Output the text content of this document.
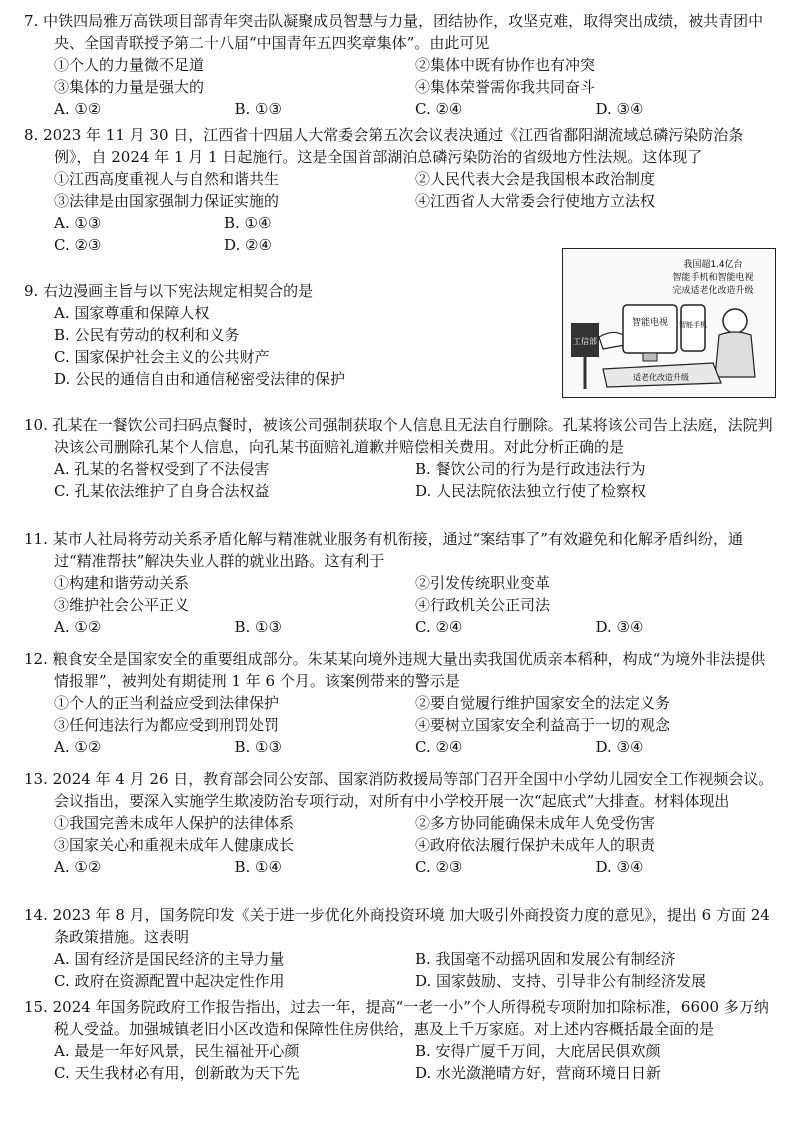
7. 中铁四局雅万高铁项目部青年突击队凝聚成员智慧与力量，团结协作，攻坚克难，取得突出成绩，被共青团中央、全国青联授予第二十八届“中国青年五四奖章集体”。由此可见

①个人的力量微不足道	②集体中既有协作也有冲突
③集体的力量是强大的	④集体荣誉需你我共同奋斗
A. ①②	B. ①③	C. ②④	D. ③④

8. 2023 年 11 月 30 日，江西省十四届人大常委会第五次会议表决通过《江西省鄱阳湖流域总磷污染防治条例》，自 2024 年 1 月 1 日起施行。这是全国首部湖泊总磷污染防治的省级地方性法规。这体现了

①江西高度重视人与自然和谐共生	②人民代表大会是我国根本政治制度
③法律是由国家强制力保证实施的	④江西省人大常委会行使地方立法权
A. ①③	B. ①④
C. ②③	D. ②④
我国超1.4亿台
智能手机和智能电视
完成适老化改造升级
工信部
智能电视 智能手机
适老化改造升级

9. 右边漫画主旨与以下宪法规定相契合的是

A. 国家尊重和保障人权
B. 公民有劳动的权利和义务
C. 国家保护社会主义的公共财产
D. 公民的通信自由和通信秘密受法律的保护

10. 孔某在一餐饮公司扫码点餐时，被该公司强制获取个人信息且无法自行删除。孔某将该公司告上法庭，法院判决该公司删除孔某个人信息，向孔某书面赔礼道歉并赔偿相关费用。对此分析正确的是

A. 孔某的名誉权受到了不法侵害	B. 餐饮公司的行为是行政违法行为
C. 孔某依法维护了自身合法权益	D. 人民法院依法独立行使了检察权

11. 某市人社局将劳动关系矛盾化解与精准就业服务有机衔接，通过“案结事了”有效避免和化解矛盾纠纷，通过“精准帮扶”解决失业人群的就业出路。这有利于

①构建和谐劳动关系	②引发传统职业变革
③维护社会公平正义	④行政机关公正司法
A. ①②	B. ①③	C. ②④	D. ③④

12. 粮食安全是国家安全的重要组成部分。朱某某向境外违规大量出卖我国优质亲本稻种，构成“为境外非法提供情报罪”，被判处有期徒刑 1 年 6 个月。该案例带来的警示是

①个人的正当利益应受到法律保护	②要自觉履行维护国家安全的法定义务
③任何违法行为都应受到刑罚处罚	④要树立国家安全利益高于一切的观念
A. ①②	B. ①③	C. ②④	D. ③④

13. 2024 年 4 月 26 日，教育部会同公安部、国家消防救援局等部门召开全国中小学幼儿园安全工作视频会议。会议指出，要深入实施学生欺凌防治专项行动，对所有中小学校开展一次“起底式”大排查。材料体现出

①我国完善未成年人保护的法律体系	②多方协同能确保未成年人免受伤害
③国家关心和重视未成年人健康成长	④政府依法履行保护未成年人的职责
A. ①②	B. ①④	C. ②③	D. ③④

14. 2023 年 8 月，国务院印发《关于进一步优化外商投资环境 加大吸引外商投资力度的意见》，提出 6 方面 24 条政策措施。这表明

A. 国有经济是国民经济的主导力量	B. 我国毫不动摇巩固和发展公有制经济
C. 政府在资源配置中起决定性作用	D. 国家鼓励、支持、引导非公有制经济发展

15. 2024 年国务院政府工作报告指出，过去一年，提高“一老一小”个人所得税专项附加扣除标准，6600 多万纳税人受益。加强城镇老旧小区改造和保障性住房供给，惠及上千万家庭。对上述内容概括最全面的是

A. 最是一年好风景，民生福祉开心颜	B. 安得广厦千万间，大庇居民俱欢颜
C. 天生我材必有用，创新敢为天下先	D. 水光潋滟晴方好，营商环境日日新
